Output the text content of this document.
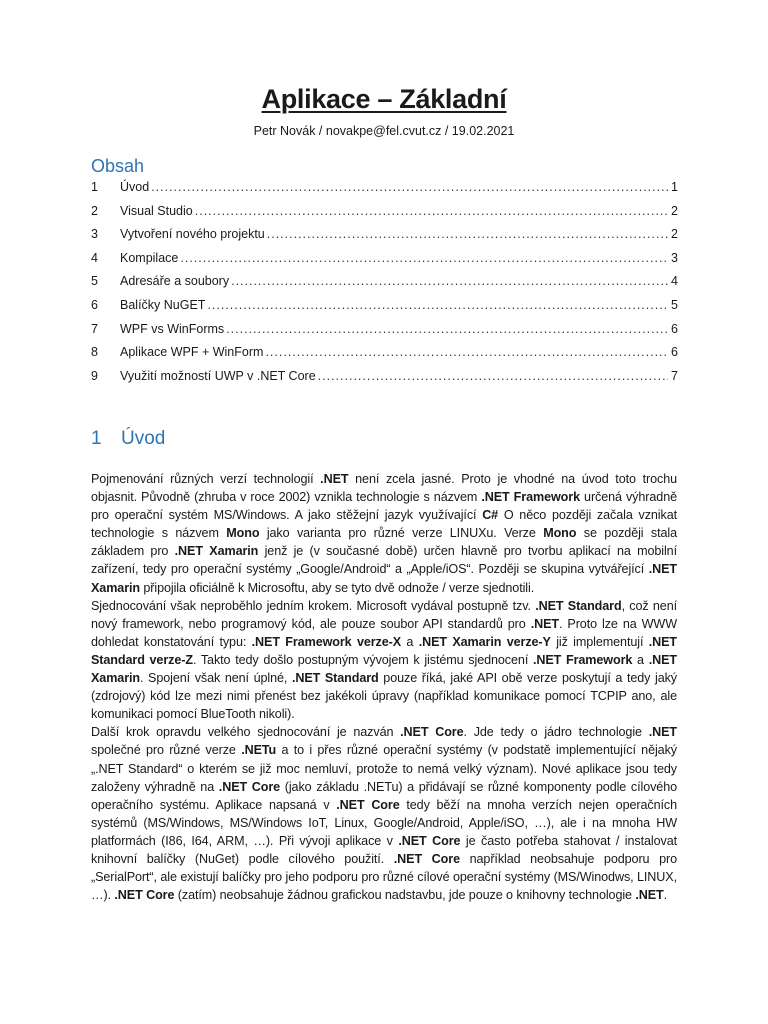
Aplikace – Základní
Petr Novák / novakpe@fel.cvut.cz / 19.02.2021
Obsah
1	Úvod .....	1
2	Visual Studio .....	2
3	Vytvoření nového projektu .....	2
4	Kompilace .....	3
5	Adresáře a soubory .....	4
6	Balíčky NuGET .....	5
7	WPF vs WinForms .....	6
8	Aplikace WPF + WinForm .....	6
9	Využití možností UWP v .NET Core .....	7
1 Úvod

Pojmenování různých verzí technologií .NET není zcela jasné. Proto je vhodné na úvod toto trochu objasnit. Původně (zhruba v roce 2002) vznikla technologie s názvem .NET Framework určená výhradně pro operační systém MS/Windows. A jako stěžejní jazyk využívající C# O něco později začala vznikat technologie s názvem Mono jako varianta pro různé verze LINUXu. Verze Mono se později stala základem pro .NET Xamarin jenž je (v současné době) určen hlavně pro tvorbu aplikací na mobilní zařízení, tedy pro operační systémy „Google/Android“ a „Apple/iOS“. Později se skupina vytvářející .NET Xamarin připojila oficiálně k Microsoftu, aby se tyto dvě odnože / verze sjednotili.

Sjednocování však neproběhlo jedním krokem. Microsoft vydával postupně tzv. .NET Standard, což není nový framework, nebo programový kód, ale pouze soubor API standardů pro .NET. Proto lze na WWW dohledat konstatování typu: .NET Framework verze-X a .NET Xamarin verze-Y již implementují .NET Standard verze-Z. Takto tedy došlo postupným vývojem k jistému sjednocení .NET Framework a .NET Xamarin. Spojení však není úplné, .NET Standard pouze říká, jaké API obě verze poskytují a tedy jaký (zdrojový) kód lze mezi nimi přenést bez jakékoli úpravy (například komunikace pomocí TCPIP ano, ale komunikaci pomocí BlueTooth nikoli).

Další krok opravdu velkého sjednocování je nazván .NET Core. Jde tedy o jádro technologie .NET společné pro různé verze .NETu a to i přes různé operační systémy (v podstatě implementující nějaký „.NET Standard“ o kterém se již moc nemluví, protože to nemá velký význam). Nové aplikace jsou tedy založeny výhradně na .NET Core (jako základu .NETu) a přidávají se různé komponenty podle cílového operačního systému. Aplikace napsaná v .NET Core tedy běží na mnoha verzích nejen operačních systémů (MS/Windows, MS/Windows IoT, Linux, Google/Android, Apple/iSO, …), ale i na mnoha HW platformách (I86, I64, ARM, …). Při vývoji aplikace v .NET Core je často potřeba stahovat / instalovat knihovní balíčky (NuGet) podle cílového použití. .NET Core například neobsahuje podporu pro „SerialPort“, ale existují balíčky pro jeho podporu pro různé cílové operační systémy (MS/Winodws, LINUX, …). .NET Core (zatím) neobsahuje žádnou grafickou nadstavbu, jde pouze o knihovny technologie .NET.
